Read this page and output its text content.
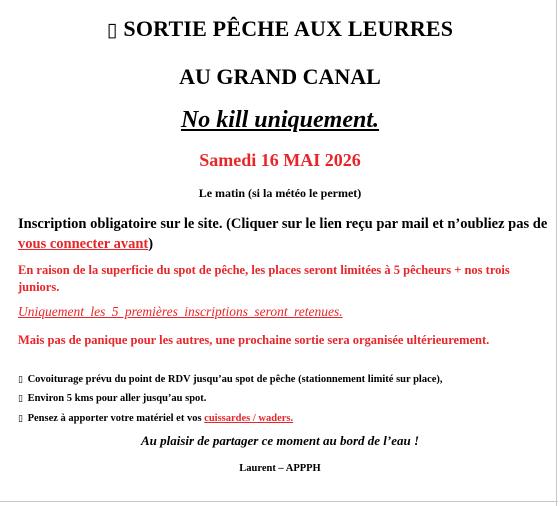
▯ SORTIE PÊCHE AUX LEURRES
AU GRAND CANAL
No kill uniquement.
Samedi 16 MAI 2026
Le matin (si la météo le permet)
Inscription obligatoire sur le site. (Cliquer sur le lien reçu par mail et n’oubliez pas de vous connecter avant)
En raison de la superficie du spot de pêche, les places seront limitées à 5 pêcheurs + nos trois juniors.
Uniquement les 5 premières inscriptions seront retenues.
Mais pas de panique pour les autres, une prochaine sortie sera organisée ultérieurement.
▯ Covoiturage prévu du point de RDV jusqu’au spot de pêche (stationnement limité sur place),
▯ Environ 5 kms pour aller jusqu’au spot.
▯ Pensez à apporter votre matériel et vos cuissardes / waders.
Au plaisir de partager ce moment au bord de l’eau !
Laurent – APPPH
